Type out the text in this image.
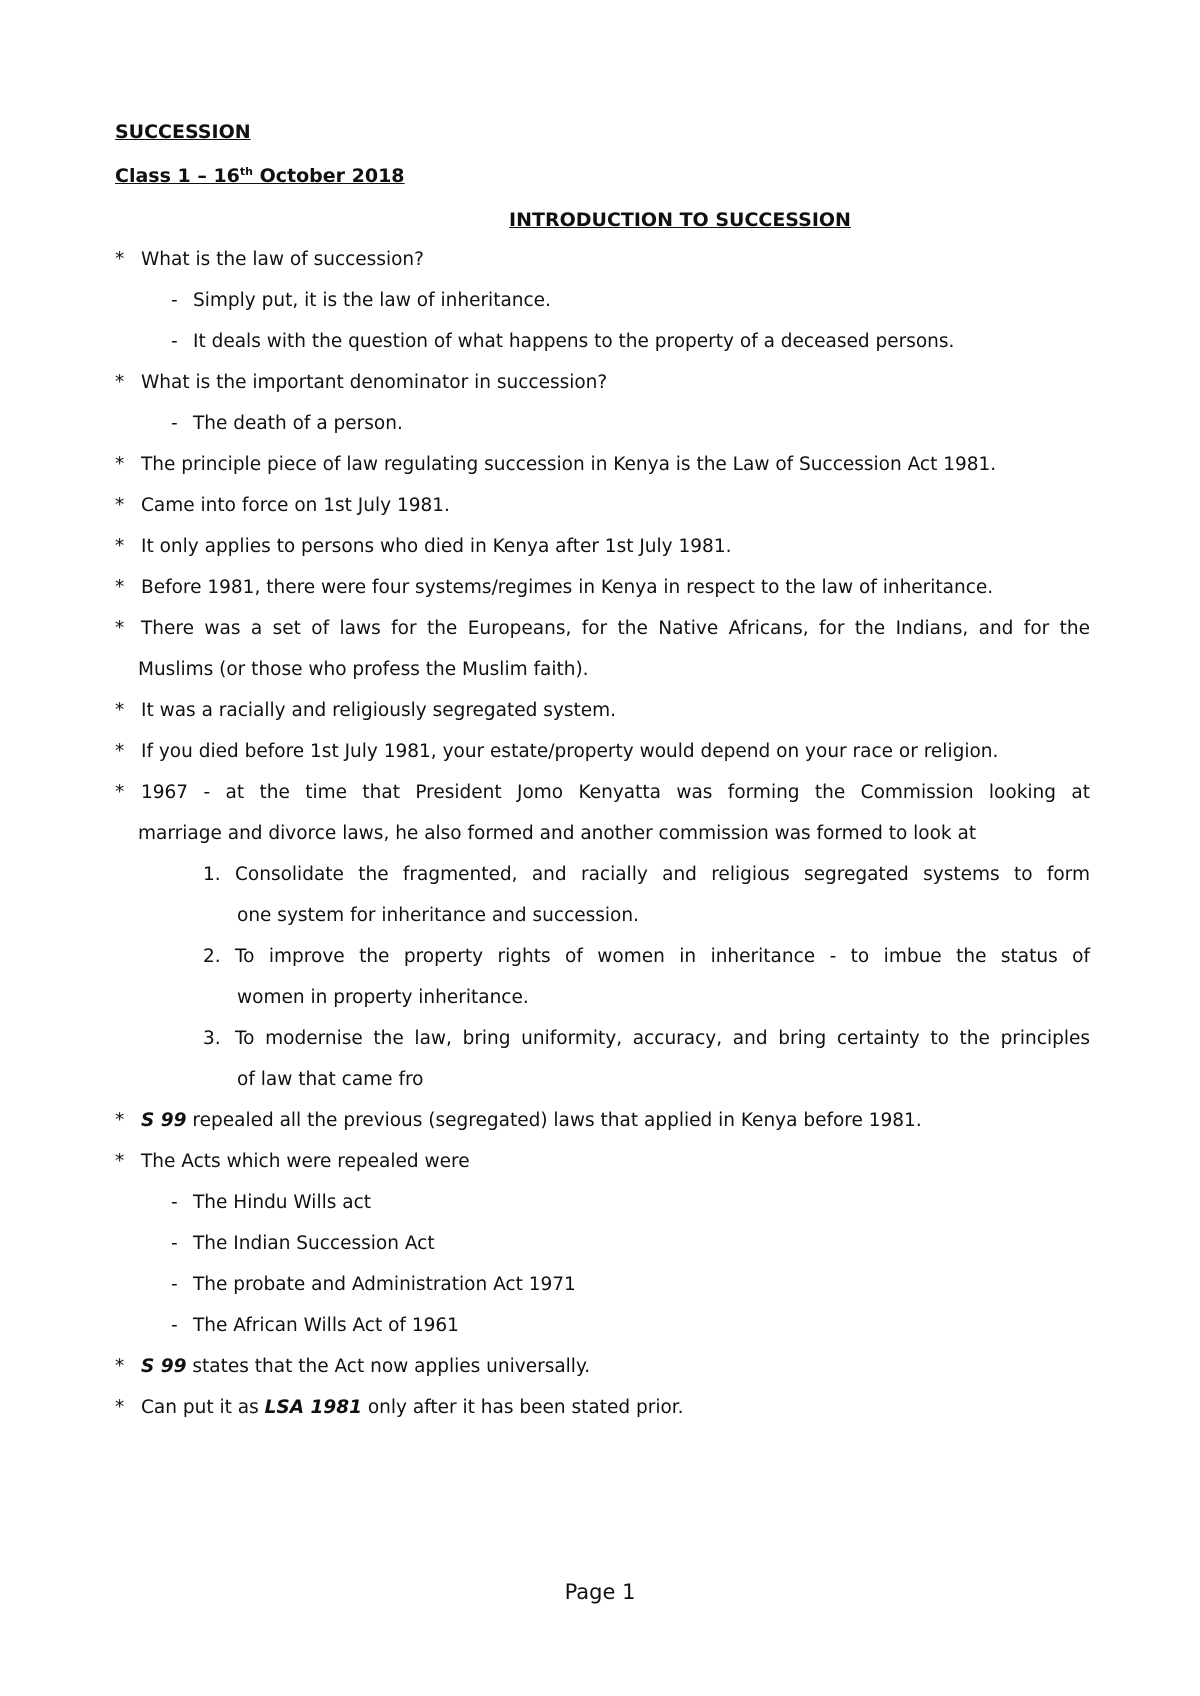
SUCCESSION
Class 1 – 16th October 2018
INTRODUCTION TO SUCCESSION
* What is the law of succession?
- Simply put, it is the law of inheritance.
- It deals with the question of what happens to the property of a deceased persons.
* What is the important denominator in succession?
- The death of a person.
* The principle piece of law regulating succession in Kenya is the Law of Succession Act 1981.
* Came into force on 1st July 1981.
* It only applies to persons who died in Kenya after 1st July 1981.
* Before 1981, there were four systems/regimes in Kenya in respect to the law of inheritance.
* There was a set of laws for the Europeans, for the Native Africans, for the Indians, and for the
Muslims (or those who profess the Muslim faith).
* It was a racially and religiously segregated system.
* If you died before 1st July 1981, your estate/property would depend on your race or religion.
* 1967 - at the time that President Jomo Kenyatta was forming the Commission looking at
marriage and divorce laws, he also formed and another commission was formed to look at
1. Consolidate the fragmented, and racially and religious segregated systems to form
one system for inheritance and succession.
2. To improve the property rights of women in inheritance - to imbue the status of
women in property inheritance.
3. To modernise the law, bring uniformity, accuracy, and bring certainty to the principles
of law that came fro
* S 99 repealed all the previous (segregated) laws that applied in Kenya before 1981.
* The Acts which were repealed were
- The Hindu Wills act
- The Indian Succession Act
- The probate and Administration Act 1971
- The African Wills Act of 1961
* S 99 states that the Act now applies universally.
* Can put it as LSA 1981 only after it has been stated prior.
Page 1
